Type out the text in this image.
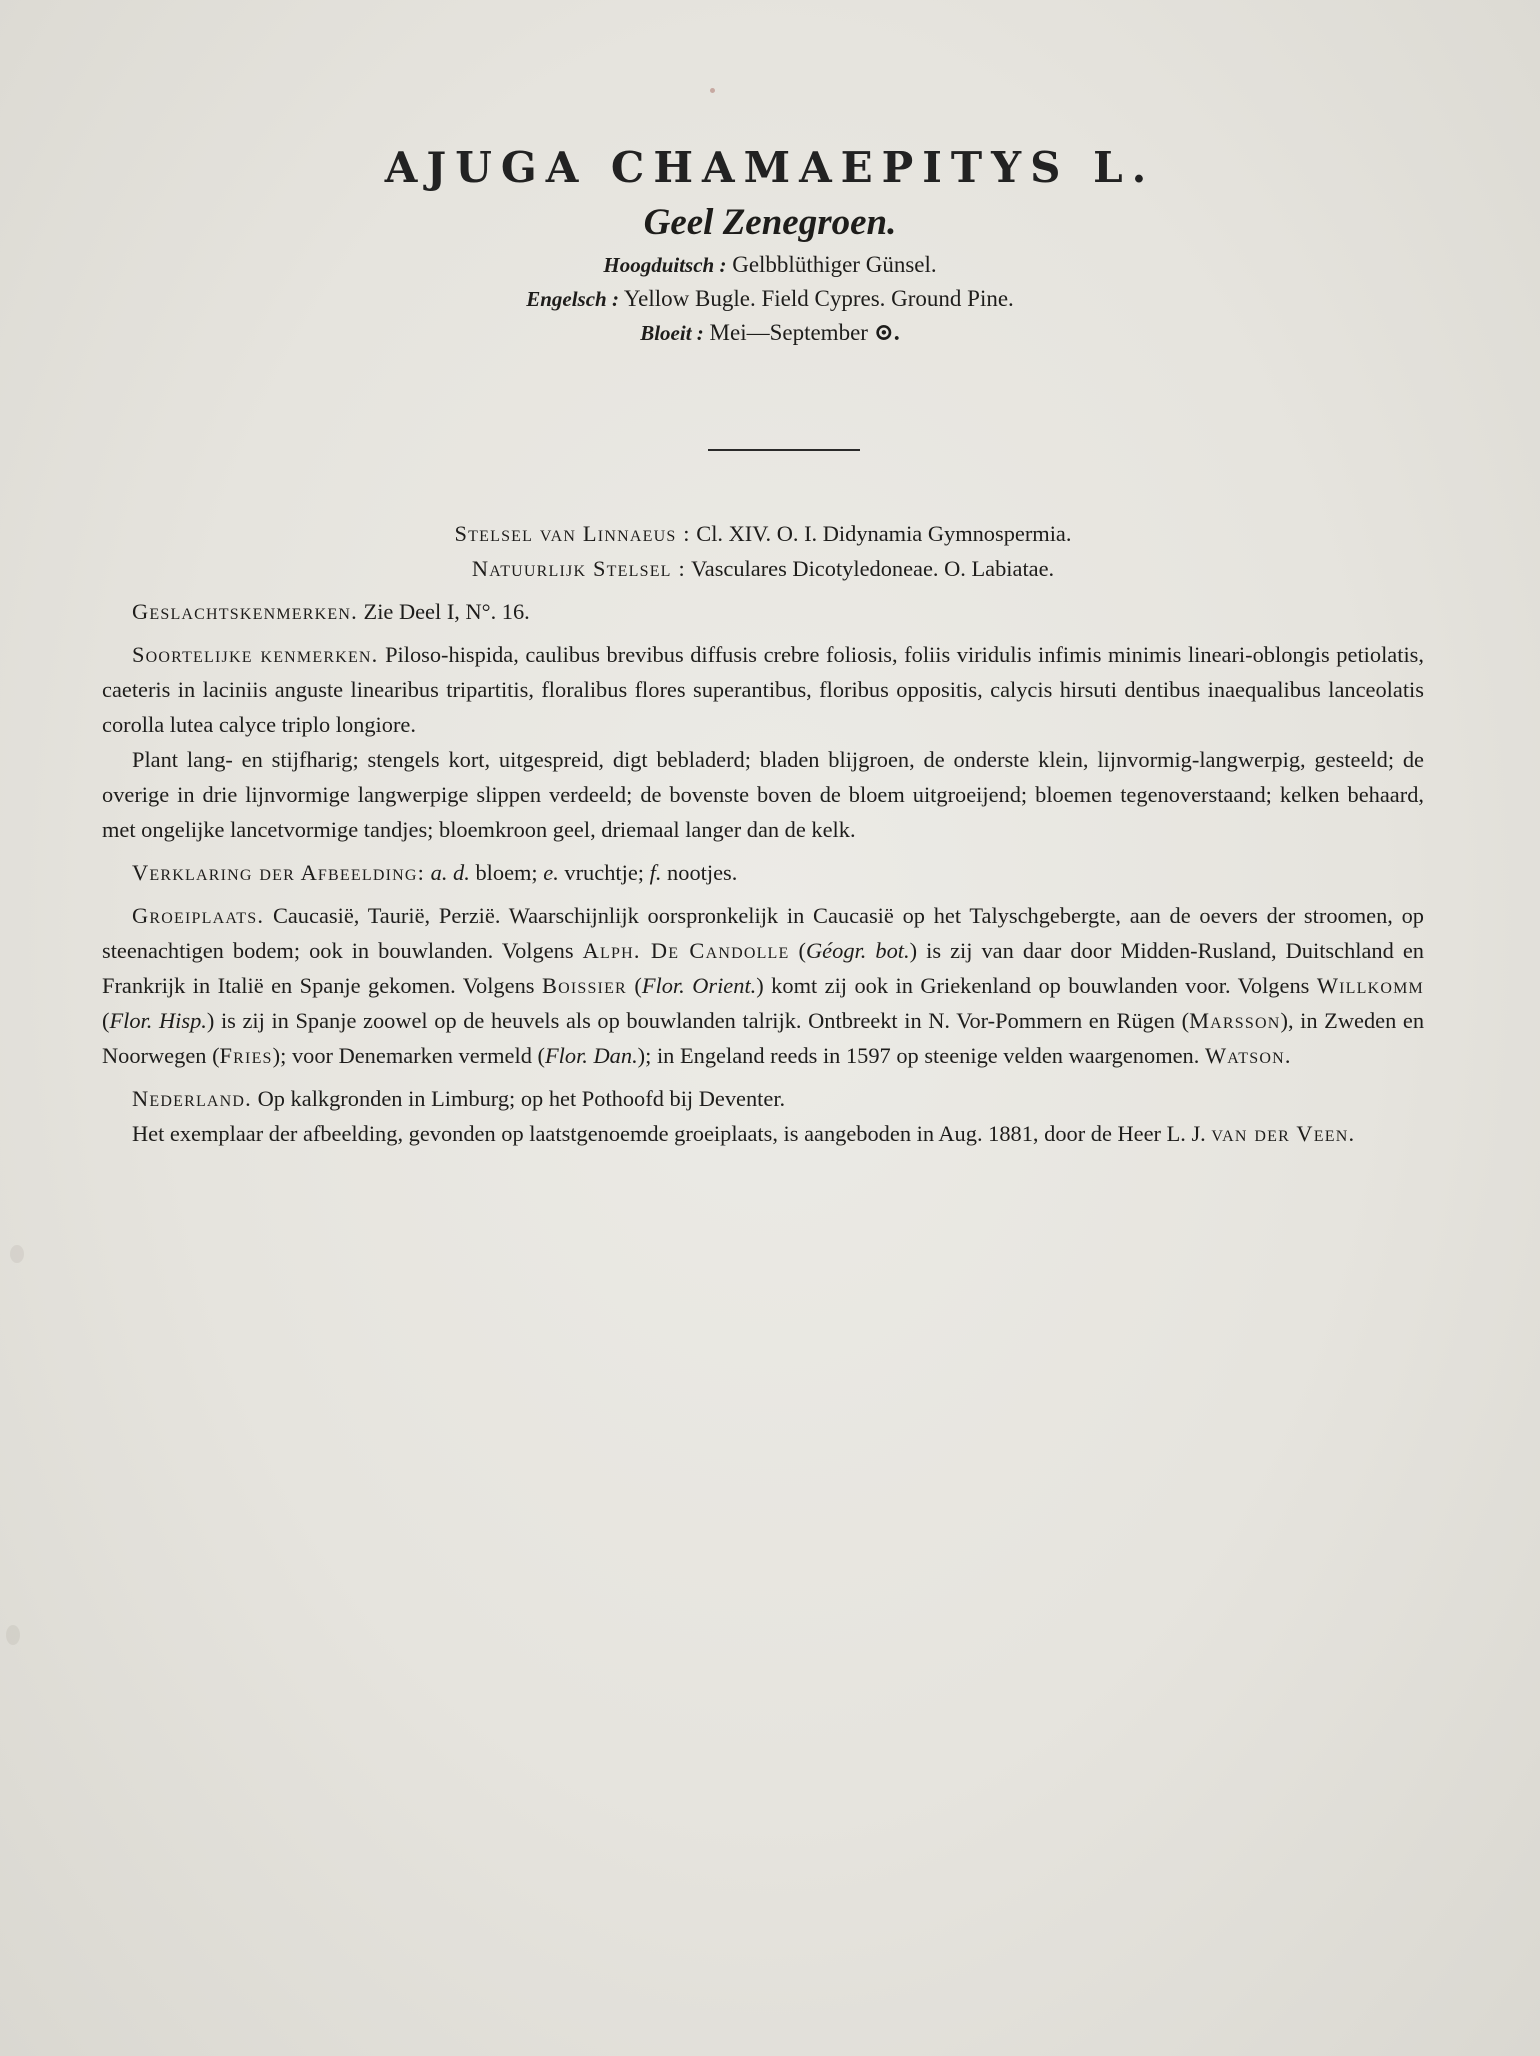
AJUGA CHAMAEPITYS L.
Geel Zenegroen.
Hoogduitsch : Gelbblüthiger Günsel.
Engelsch : Yellow Bugle. Field Cypres. Ground Pine.
Bloeit : Mei—September ⊙.
Stelsel van Linnaeus : Cl. XIV. O. I. Didynamia Gymnospermia.
Natuurlijk Stelsel : Vasculares Dicotyledoneae. O. Labiatae.

Geslachtskenmerken. Zie Deel I, N°. 16.

Soortelijke kenmerken. Piloso-hispida, caulibus brevibus diffusis crebre foliosis, foliis viridulis infimis minimis lineari-oblongis petiolatis, caeteris in laciniis anguste linearibus tripartitis, floralibus flores superantibus, floribus oppositis, calycis hirsuti dentibus inaequalibus lanceolatis corolla lutea calyce triplo longiore.

Plant lang- en stijfharig; stengels kort, uitgespreid, digt bebladerd; bladen blijgroen, de onderste klein, lijnvormig-langwerpig, gesteeld; de overige in drie lijnvormige langwerpige slippen verdeeld; de bovenste boven de bloem uitgroeijend; bloemen tegenoverstaand; kelken behaard, met ongelijke lancetvormige tandjes; bloemkroon geel, driemaal langer dan de kelk.

Verklaring der Afbeelding: a. d. bloem; e. vruchtje; f. nootjes.

Groeiplaats. Caucasië, Taurië, Perzië. Waarschijnlijk oorspronkelijk in Caucasië op het Talyschgebergte, aan de oevers der stroomen, op steenachtigen bodem; ook in bouwlanden. Volgens Alph. De Candolle (Géogr. bot.) is zij van daar door Midden-Rusland, Duitschland en Frankrijk in Italië en Spanje gekomen. Volgens Boissier (Flor. Orient.) komt zij ook in Griekenland op bouwlanden voor. Volgens Willkomm (Flor. Hisp.) is zij in Spanje zoowel op de heuvels als op bouwlanden talrijk. Ontbreekt in N. Vor-Pommern en Rügen (Marsson), in Zweden en Noorwegen (Fries); voor Denemarken vermeld (Flor. Dan.); in Engeland reeds in 1597 op steenige velden waargenomen. Watson.

Nederland. Op kalkgronden in Limburg; op het Pothoofd bij Deventer.

Het exemplaar der afbeelding, gevonden op laatstgenoemde groeiplaats, is aangeboden in Aug. 1881, door de Heer L. J. van der Veen.
